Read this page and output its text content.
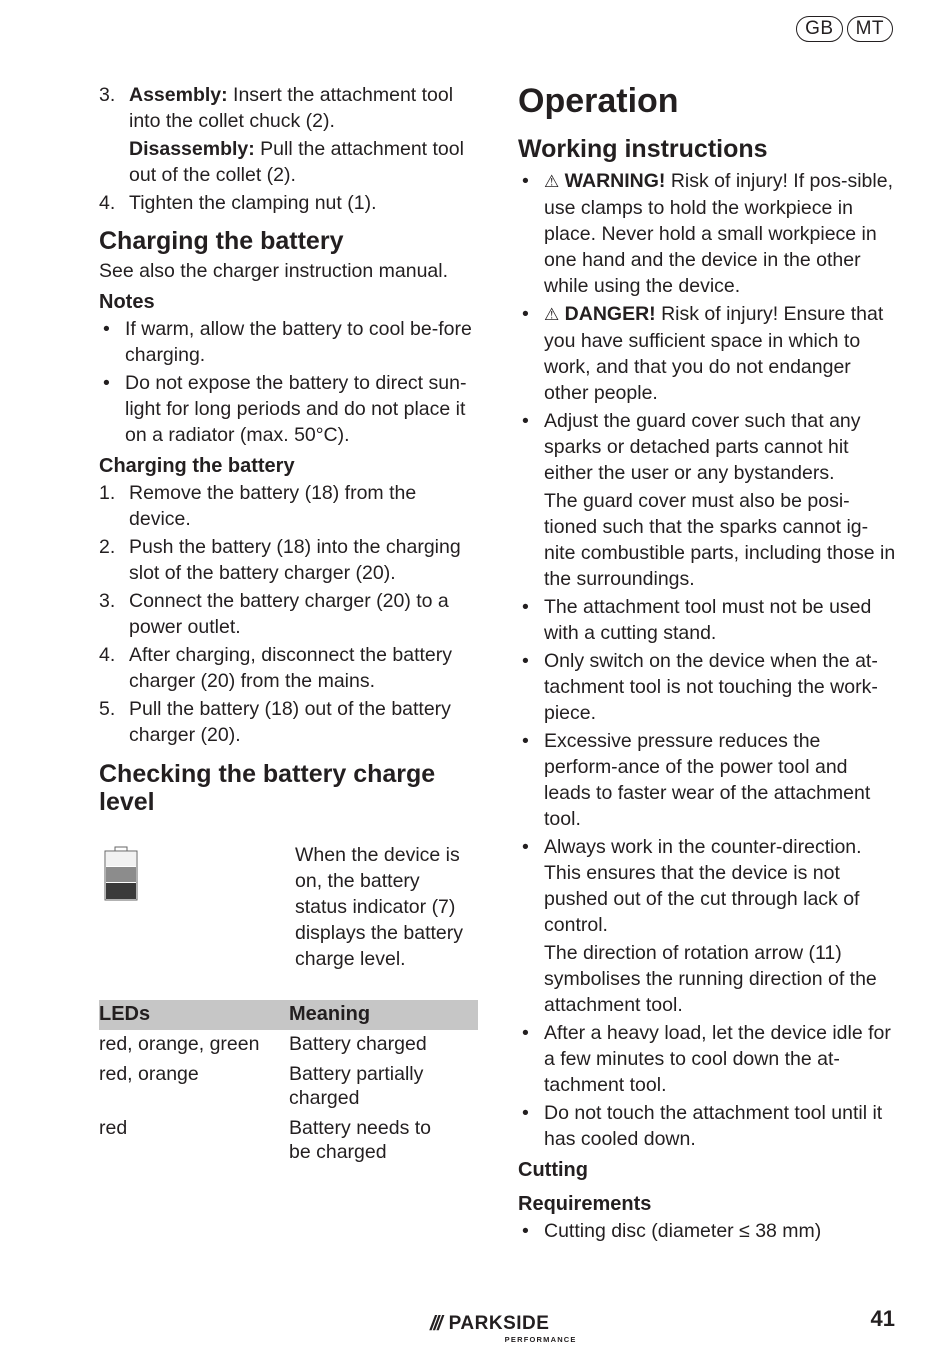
GB	MT
3. Assembly: Insert the attachment tool into the collet chuck (2).
Disassembly: Pull the attachment tool out of the collet (2).
4. Tighten the clamping nut (1).
Charging the battery
See also the charger instruction manual.
Notes
• If warm, allow the battery to cool be-fore charging.
• Do not expose the battery to direct sun-light for long periods and do not place it on a radiator (max. 50°C).
Charging the battery
1. Remove the battery (18) from the device.
2. Push the battery (18) into the charging slot of the battery charger (20).
3. Connect the battery charger (20) to a power outlet.
4. After charging, disconnect the battery charger (20) from the mains.
5. Pull the battery (18) out of the battery charger (20).
Checking the battery charge level
When the device is on, the battery status indicator (7) displays the battery charge level.
LEDs	Meaning
red, orange, green	Battery charged
red, orange	Battery partially charged
red	Battery needs to be charged
Operation
Working instructions
• ⚠ WARNING! Risk of injury! If pos-sible, use clamps to hold the workpiece in place. Never hold a small workpiece in one hand and the device in the other while using the device.
• ⚠ DANGER! Risk of injury! Ensure that you have sufficient space in which to work, and that you do not endanger other people.
• Adjust the guard cover such that any sparks or detached parts cannot hit either the user or any bystanders.
The guard cover must also be posi-tioned such that the sparks cannot ig-nite combustible parts, including those in the surroundings.
• The attachment tool must not be used with a cutting stand.
• Only switch on the device when the at-tachment tool is not touching the work-piece.
• Excessive pressure reduces the perform-ance of the power tool and leads to faster wear of the attachment tool.
• Always work in the counter-direction. This ensures that the device is not pushed out of the cut through lack of control.
The direction of rotation arrow (11) symbolises the running direction of the attachment tool.
• After a heavy load, let the device idle for a few minutes to cool down the at-tachment tool.
• Do not touch the attachment tool until it has cooled down.
Cutting
Requirements
• Cutting disc (diameter ≤ 38 mm)
/// PARKSIDE
PERFORMANCE
41
